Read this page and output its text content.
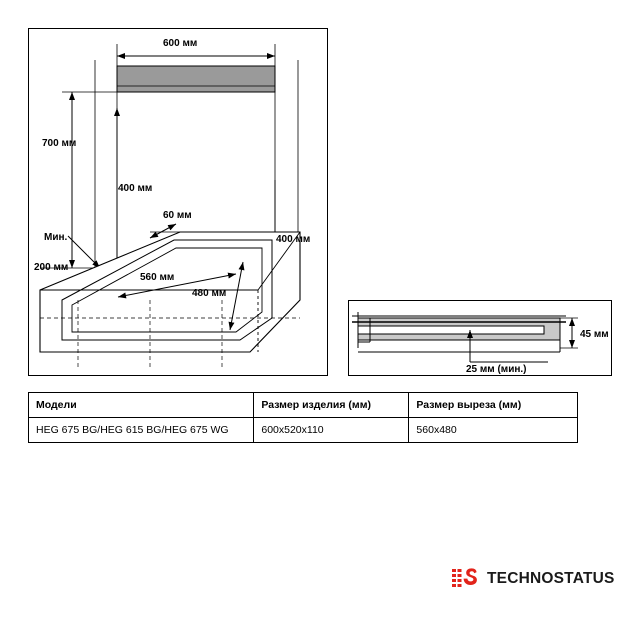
600 мм
700 мм
400 мм
60 мм
400 мм
Мин.
200 мм
560 мм
480 мм
45 мм
25 мм (мин.)
Модели	Размер изделия (мм)	Размер выреза (мм)
HEG 675 BG/HEG 615 BG/HEG 675 WG	600x520x110	560x480
TECHNOSTATUS
